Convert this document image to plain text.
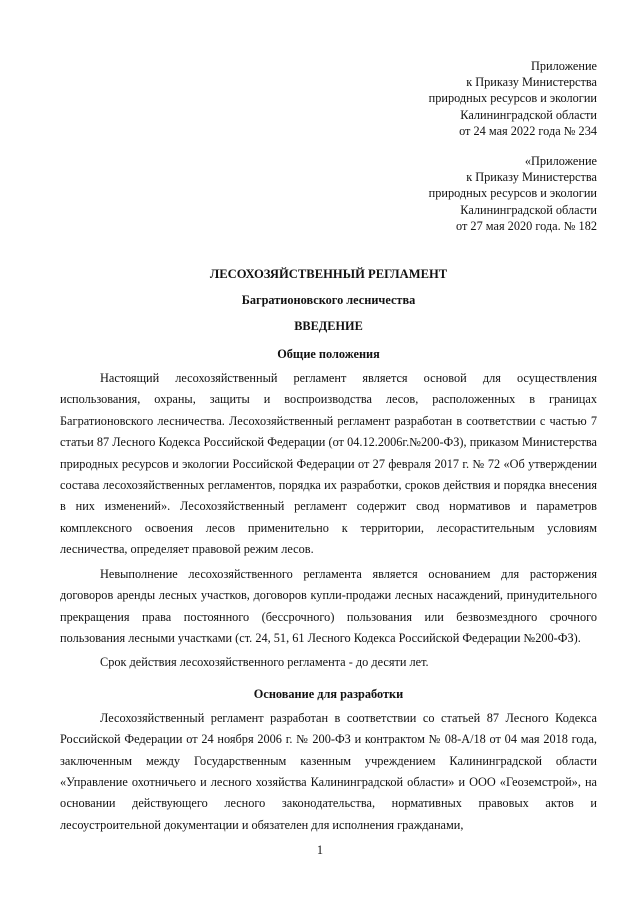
Приложение
к Приказу Министерства
природных ресурсов и экологии
Калининградской области
от 24 мая 2022 года № 234
«Приложение
к Приказу Министерства
природных ресурсов и экологии
Калининградской области
от 27 мая 2020 года. № 182
ЛЕСОХОЗЯЙСТВЕННЫЙ РЕГЛАМЕНТ
Багратионовского лесничества
ВВЕДЕНИЕ
Общие положения

Настоящий лесохозяйственный регламент является основой для осуществления использования, охраны, защиты и воспроизводства лесов, расположенных в границах Багратионовского лесничества. Лесохозяйственный регламент разработан в соответствии с частью 7 статьи 87 Лесного Кодекса Российской Федерации (от 04.12.2006г.№200-ФЗ), приказом Министерства природных ресурсов и экологии Российской Федерации от 27 февраля 2017 г. № 72 «Об утверждении состава лесохозяйственных регламентов, порядка их разработки, сроков действия и порядка внесения в них изменений». Лесохозяйственный регламент содержит свод нормативов и параметров комплексного освоения лесов применительно к территории, лесорастительным условиям лесничества, определяет правовой режим лесов.

Невыполнение лесохозяйственного регламента является основанием для расторжения договоров аренды лесных участков, договоров купли-продажи лесных насаждений, принудительного прекращения права постоянного (бессрочного) пользования или безвозмездного срочного пользования лесными участками (ст. 24, 51, 61 Лесного Кодекса Российской Федерации №200-ФЗ).

Срок действия лесохозяйственного регламента - до десяти лет.

Основание для разработки

Лесохозяйственный регламент разработан в соответствии со статьей 87 Лесного Кодекса Российской Федерации от 24 ноября 2006 г. № 200-ФЗ и контрактом № 08-А/18 от 04 мая 2018 года, заключенным между Государственным казенным учреждением Калининградской области «Управление охотничьего и лесного хозяйства Калининградской области» и ООО «Геоземстрой», на основании действующего лесного законодательства, нормативных правовых актов и лесоустроительной документации и обязателен для исполнения гражданами,

1
